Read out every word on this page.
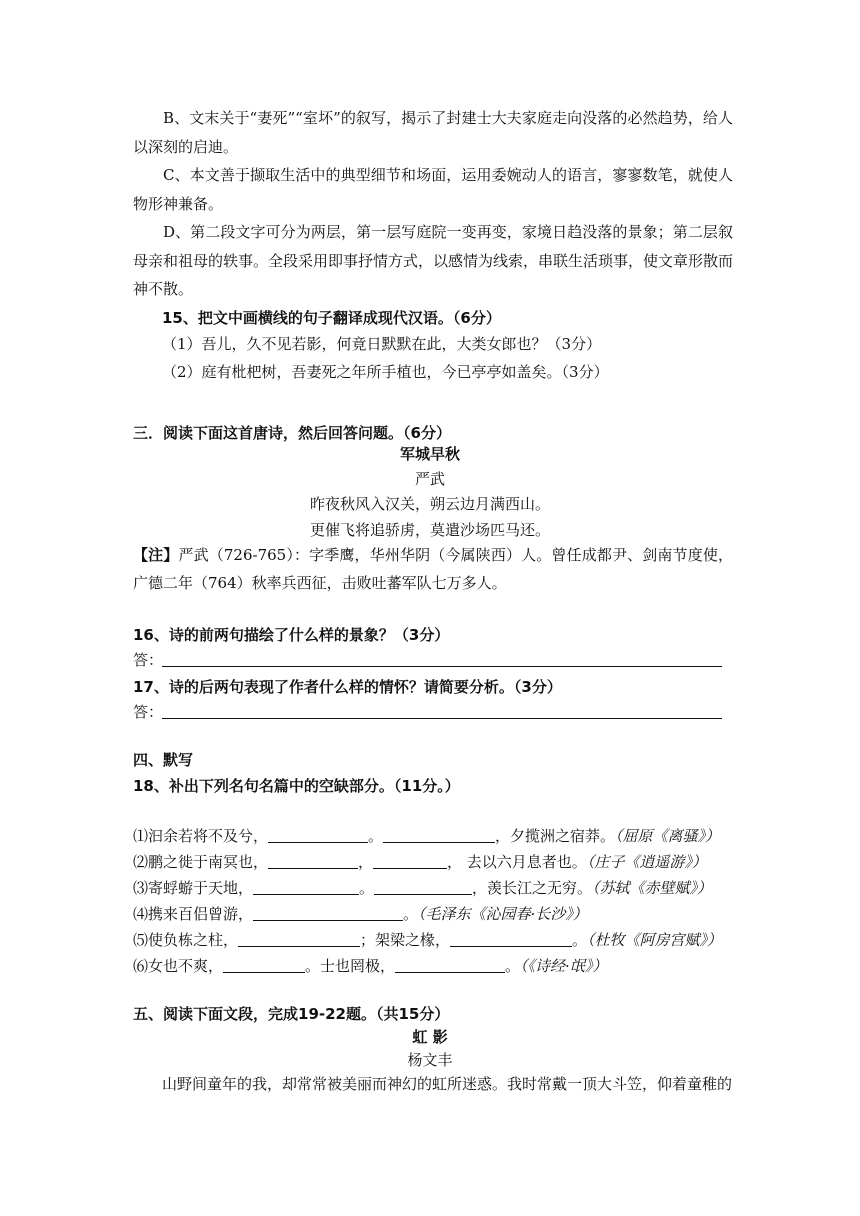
B、文末关于“妻死”“室坏”的叙写，揭示了封建士大夫家庭走向没落的必然趋势，给人以深刻的启迪。
C、本文善于撷取生活中的典型细节和场面，运用委婉动人的语言，寥寥数笔，就使人物形神兼备。
D、第二段文字可分为两层，第一层写庭院一变再变，家境日趋没落的景象；第二层叙母亲和祖母的轶事。全段采用即事抒情方式，以感情为线索，串联生活琐事，使文章形散而神不散。
15、把文中画横线的句子翻译成现代汉语。（6分）
（1）吾儿，久不见若影，何竟日默默在此，大类女郎也？（3分）
（2）庭有枇杷树，吾妻死之年所手植也，今已亭亭如盖矣。（3分）
三．阅读下面这首唐诗，然后回答问题。（6分）
军城早秋
严武
昨夜秋风入汉关，朔云边月满西山。
更催飞将追骄虏，莫遣沙场匹马还。
【注】严武（726-765）：字季鹰，华州华阴（今属陕西）人。曾任成都尹、剑南节度使，广德二年（764）秋率兵西征，击败吐蕃军队七万多人。
16、诗的前两句描绘了什么样的景象？（3分）
答：
17、诗的后两句表现了作者什么样的情怀？请简要分析。（3分）
答：
四、默写
18、补出下列名句名篇中的空缺部分。（11分。）
⑴汩余若将不及兮，	。	，夕揽洲之宿莽。（屈原《离骚》）
⑵鹏之徙于南冥也，	，	， 去以六月息者也。（庄子《逍遥游》）
⑶寄蜉蝣于天地，	。	，羡长江之无穷。（苏轼《赤壁赋》）
⑷携来百侣曾游，	。（毛泽东《沁园春·长沙》）
⑸使负栋之柱，	；架梁之椽，	。（杜牧《阿房宫赋》）
⑹女也不爽，	。士也罔极，	。（《诗经·氓》）
五、阅读下面文段，完成19-22题。（共15分）
虹 影
杨文丰
山野间童年的我，却常常被美丽而神幻的虹所迷惑。我时常戴一顶大斗笠，仰着童稚的
